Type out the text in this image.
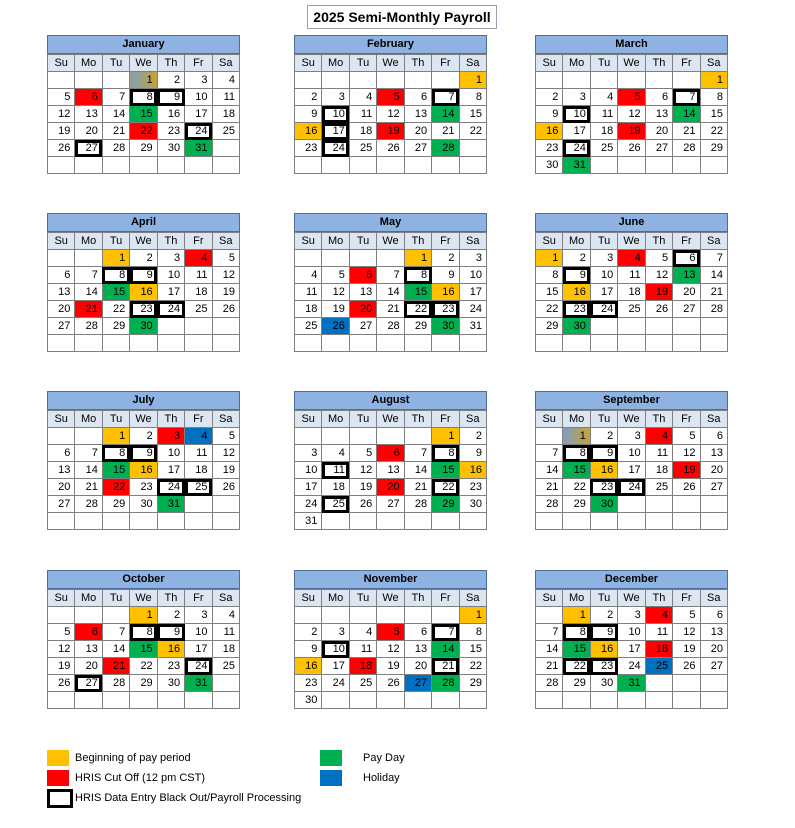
2025 Semi-Monthly Payroll
January
Su	Mo	Tu	We	Th	Fr	Sa
			1	2	3	4
5	6	7	8	9	10	11
12	13	14	15	16	17	18
19	20	21	22	23	24	25
26	27	28	29	30	31	

February
Su	Mo	Tu	We	Th	Fr	Sa
						1
2	3	4	5	6	7	8
9	10	11	12	13	14	15
16	17	18	19	20	21	22
23	24	25	26	27	28	

March
Su	Mo	Tu	We	Th	Fr	Sa
						1
2	3	4	5	6	7	8
9	10	11	12	13	14	15
16	17	18	19	20	21	22
23	24	25	26	27	28	29
30	31					
April
Su	Mo	Tu	We	Th	Fr	Sa
		1	2	3	4	5
6	7	8	9	10	11	12
13	14	15	16	17	18	19
20	21	22	23	24	25	26
27	28	29	30			

May
Su	Mo	Tu	We	Th	Fr	Sa
				1	2	3
4	5	6	7	8	9	10
11	12	13	14	15	16	17
18	19	20	21	22	23	24
25	26	27	28	29	30	31

June
Su	Mo	Tu	We	Th	Fr	Sa
1	2	3	4	5	6	7
8	9	10	11	12	13	14
15	16	17	18	19	20	21
22	23	24	25	26	27	28
29	30					

July
Su	Mo	Tu	We	Th	Fr	Sa
		1	2	3	4	5
6	7	8	9	10	11	12
13	14	15	16	17	18	19
20	21	22	23	24	25	26
27	28	29	30	31		

August
Su	Mo	Tu	We	Th	Fr	Sa
					1	2
3	4	5	6	7	8	9
10	11	12	13	14	15	16
17	18	19	20	21	22	23
24	25	26	27	28	29	30
31						
September
Su	Mo	Tu	We	Th	Fr	Sa
	1	2	3	4	5	6
7	8	9	10	11	12	13
14	15	16	17	18	19	20
21	22	23	24	25	26	27
28	29	30				

October
Su	Mo	Tu	We	Th	Fr	Sa
			1	2	3	4
5	6	7	8	9	10	11
12	13	14	15	16	17	18
19	20	21	22	23	24	25
26	27	28	29	30	31	

November
Su	Mo	Tu	We	Th	Fr	Sa
						1
2	3	4	5	6	7	8
9	10	11	12	13	14	15
16	17	18	19	20	21	22
23	24	25	26	27	28	29
30						
December
Su	Mo	Tu	We	Th	Fr	Sa
	1	2	3	4	5	6
7	8	9	10	11	12	13
14	15	16	17	18	19	20
21	22	23	24	25	26	27
28	29	30	31			

Beginning of pay period
HRIS Cut Off (12 pm CST)
HRIS Data Entry Black Out/Payroll Processing
Pay Day
Holiday
